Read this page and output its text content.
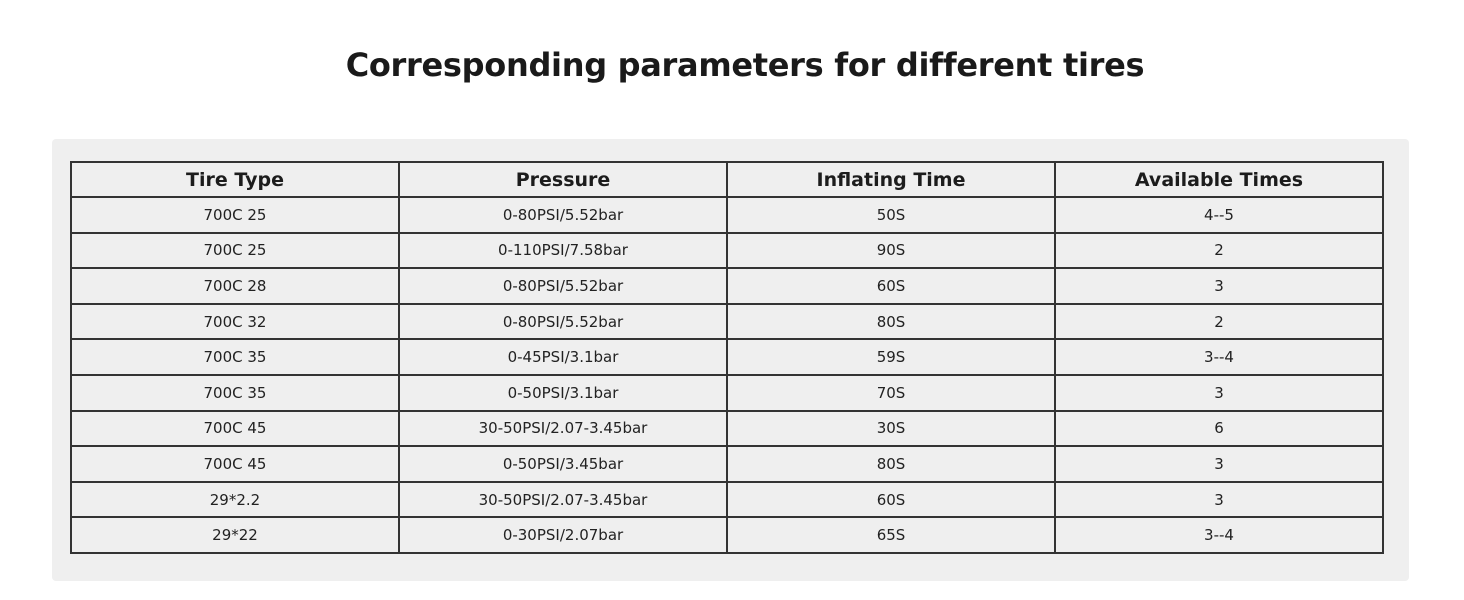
Corresponding parameters for different tires
Tire Type	Pressure	Inflating Time	Available Times
700C 25	0-80PSI/5.52bar	50S	4--5
700C 25	0-110PSI/7.58bar	90S	2
700C 28	0-80PSI/5.52bar	60S	3
700C 32	0-80PSI/5.52bar	80S	2
700C 35	0-45PSI/3.1bar	59S	3--4
700C 35	0-50PSI/3.1bar	70S	3
700C 45	30-50PSI/2.07-3.45bar	30S	6
700C 45	0-50PSI/3.45bar	80S	3
29*2.2	30-50PSI/2.07-3.45bar	60S	3
29*22	0-30PSI/2.07bar	65S	3--4
